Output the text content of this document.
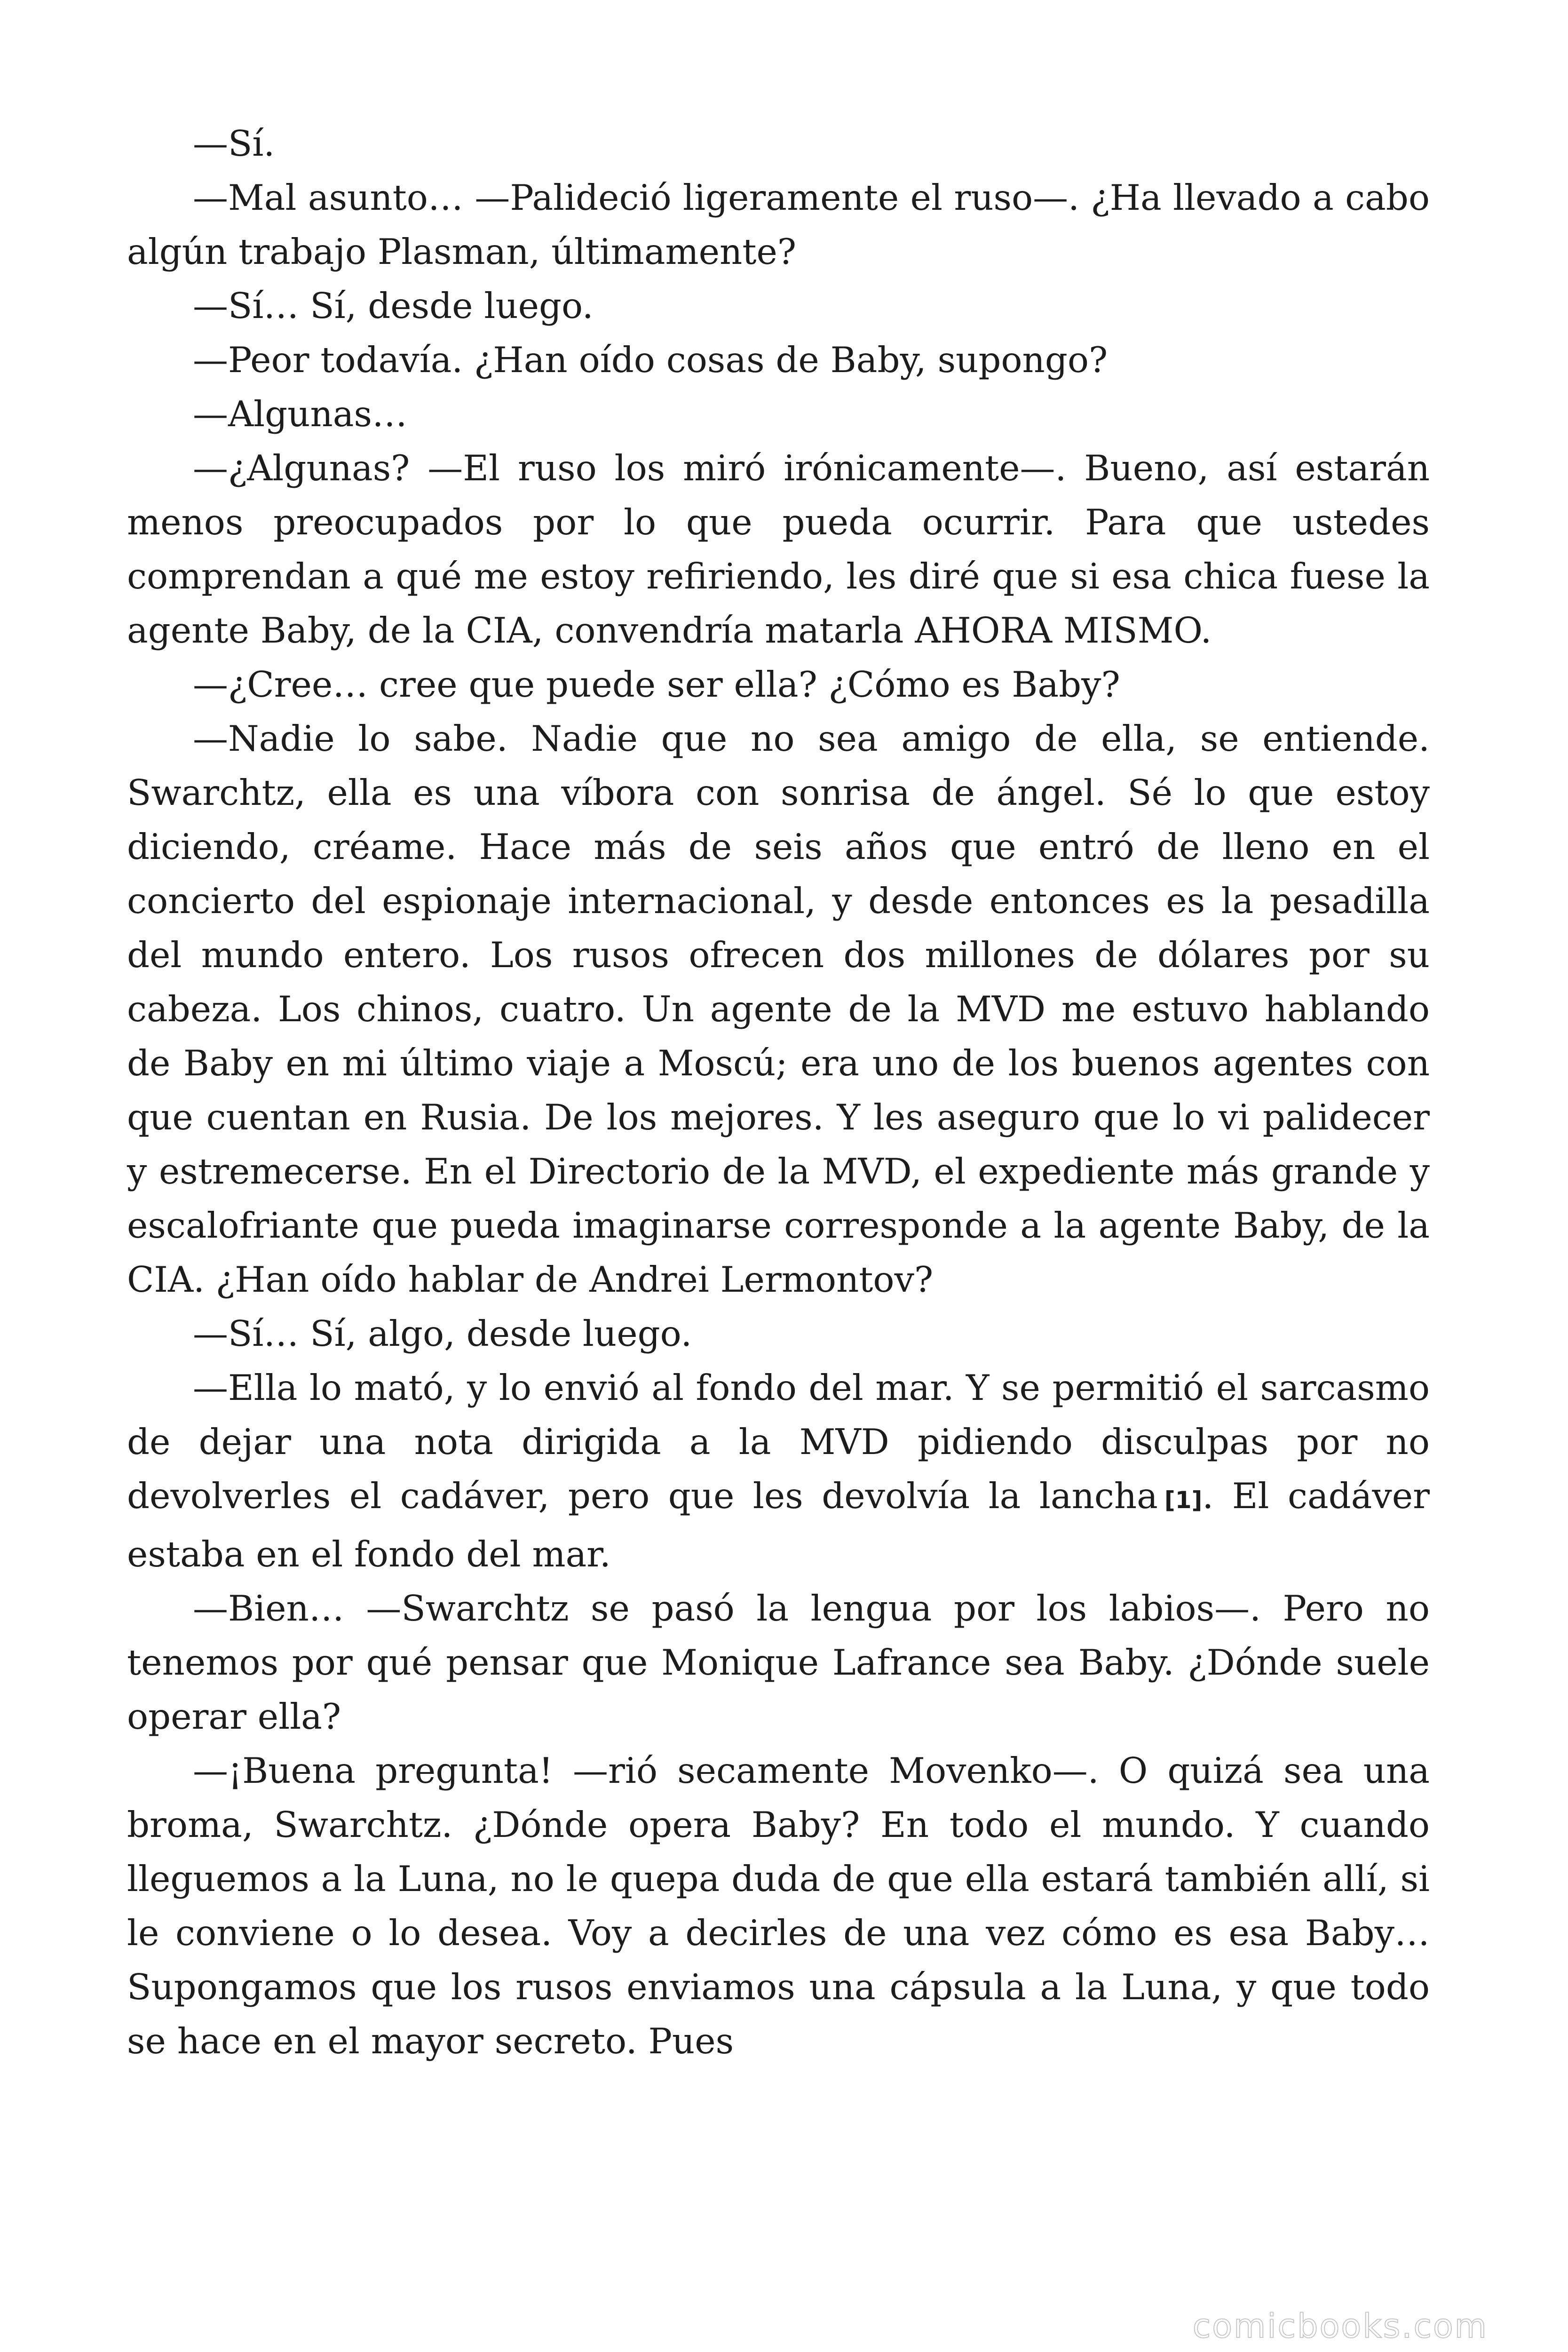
—Sí.

—Mal asunto… —Palideció ligeramente el ruso—. ¿Ha llevado a cabo algún trabajo Plasman, últimamente?

—Sí… Sí, desde luego.

—Peor todavía. ¿Han oído cosas de Baby, supongo?

—Algunas…

—¿Algunas? —El ruso los miró irónicamente—. Bueno, así estarán menos preocupados por lo que pueda ocurrir. Para que ustedes comprendan a qué me estoy refiriendo, les diré que si esa chica fuese la agente Baby, de la CIA, convendría matarla AHORA MISMO.

—¿Cree… cree que puede ser ella? ¿Cómo es Baby?

—Nadie lo sabe. Nadie que no sea amigo de ella, se entiende. Swarchtz, ella es una víbora con sonrisa de ángel. Sé lo que estoy diciendo, créame. Hace más de seis años que entró de lleno en el concierto del espionaje internacional, y desde entonces es la pesadilla del mundo entero. Los rusos ofrecen dos millones de dólares por su cabeza. Los chinos, cuatro. Un agente de la MVD me estuvo hablando de Baby en mi último viaje a Moscú; era uno de los buenos agentes con que cuentan en Rusia. De los mejores. Y les aseguro que lo vi palidecer y estremecerse. En el Directorio de la MVD, el expediente más grande y escalofriante que pueda imaginarse corresponde a la agente Baby, de la CIA. ¿Han oído hablar de Andrei Lermontov?

—Sí… Sí, algo, desde luego.

—Ella lo mató, y lo envió al fondo del mar. Y se permitió el sarcasmo de dejar una nota dirigida a la MVD pidiendo disculpas por no devolverles el cadáver, pero que les devolvía la lancha [1]. El cadáver estaba en el fondo del mar.

—Bien… —Swarchtz se pasó la lengua por los labios—. Pero no tenemos por qué pensar que Monique Lafrance sea Baby. ¿Dónde suele operar ella?

—¡Buena pregunta! —rió secamente Movenko—. O quizá sea una broma, Swarchtz. ¿Dónde opera Baby? En todo el mundo. Y cuando lleguemos a la Luna, no le quepa duda de que ella estará también allí, si le conviene o lo desea. Voy a decirles de una vez cómo es esa Baby… Supongamos que los rusos enviamos una cápsula a la Luna, y que todo se hace en el mayor secreto. Pues

comicbooks.com
